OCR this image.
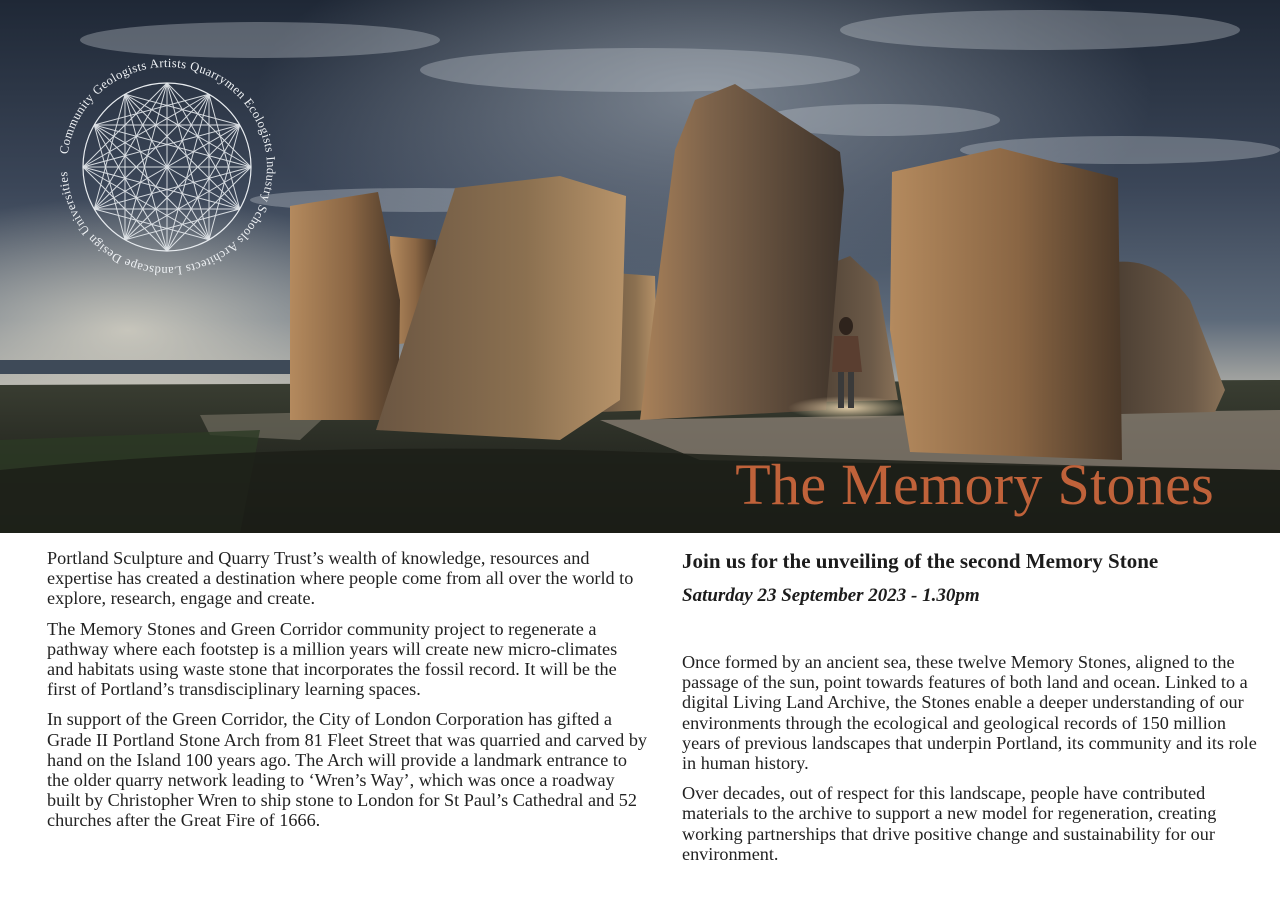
Community Geologists Artists Quarrymen Ecologists Industry Schools Architects Landscape Design Universities
The Memory Stones

Portland Sculpture and Quarry Trust’s wealth of knowledge, resources and expertise has created a destination where people come from all over the world to explore, research, engage and create.

The Memory Stones and Green Corridor community project to regenerate a pathway where each footstep is a million years will create new micro-climates and habitats using waste stone that incorporates the fossil record. It will be the first of Portland’s transdisciplinary learning spaces.

In support of the Green Corridor, the City of London Corporation has gifted a Grade II Portland Stone Arch from 81 Fleet Street that was quarried and carved by hand on the Island 100 years ago. The Arch will provide a landmark entrance to the older quarry network leading to ‘Wren’s Way’, which was once a roadway built by Christopher Wren to ship stone to London for St Paul’s Cathedral and 52 churches after the Great Fire of 1666.

Join us for the unveiling of the second Memory Stone
Saturday 23 September 2023 - 1.30pm

Once formed by an ancient sea, these twelve Memory Stones, aligned to the passage of the sun, point towards features of both land and ocean. Linked to a digital Living Land Archive, the Stones enable a deeper understanding of our environments through the ecological and geological records of 150 million years of previous landscapes that underpin Portland, its community and its role in human history.

Over decades, out of respect for this landscape, people have contributed materials to the archive to support a new model for regeneration, creating working partnerships that drive positive change and sustainability for our environment.
